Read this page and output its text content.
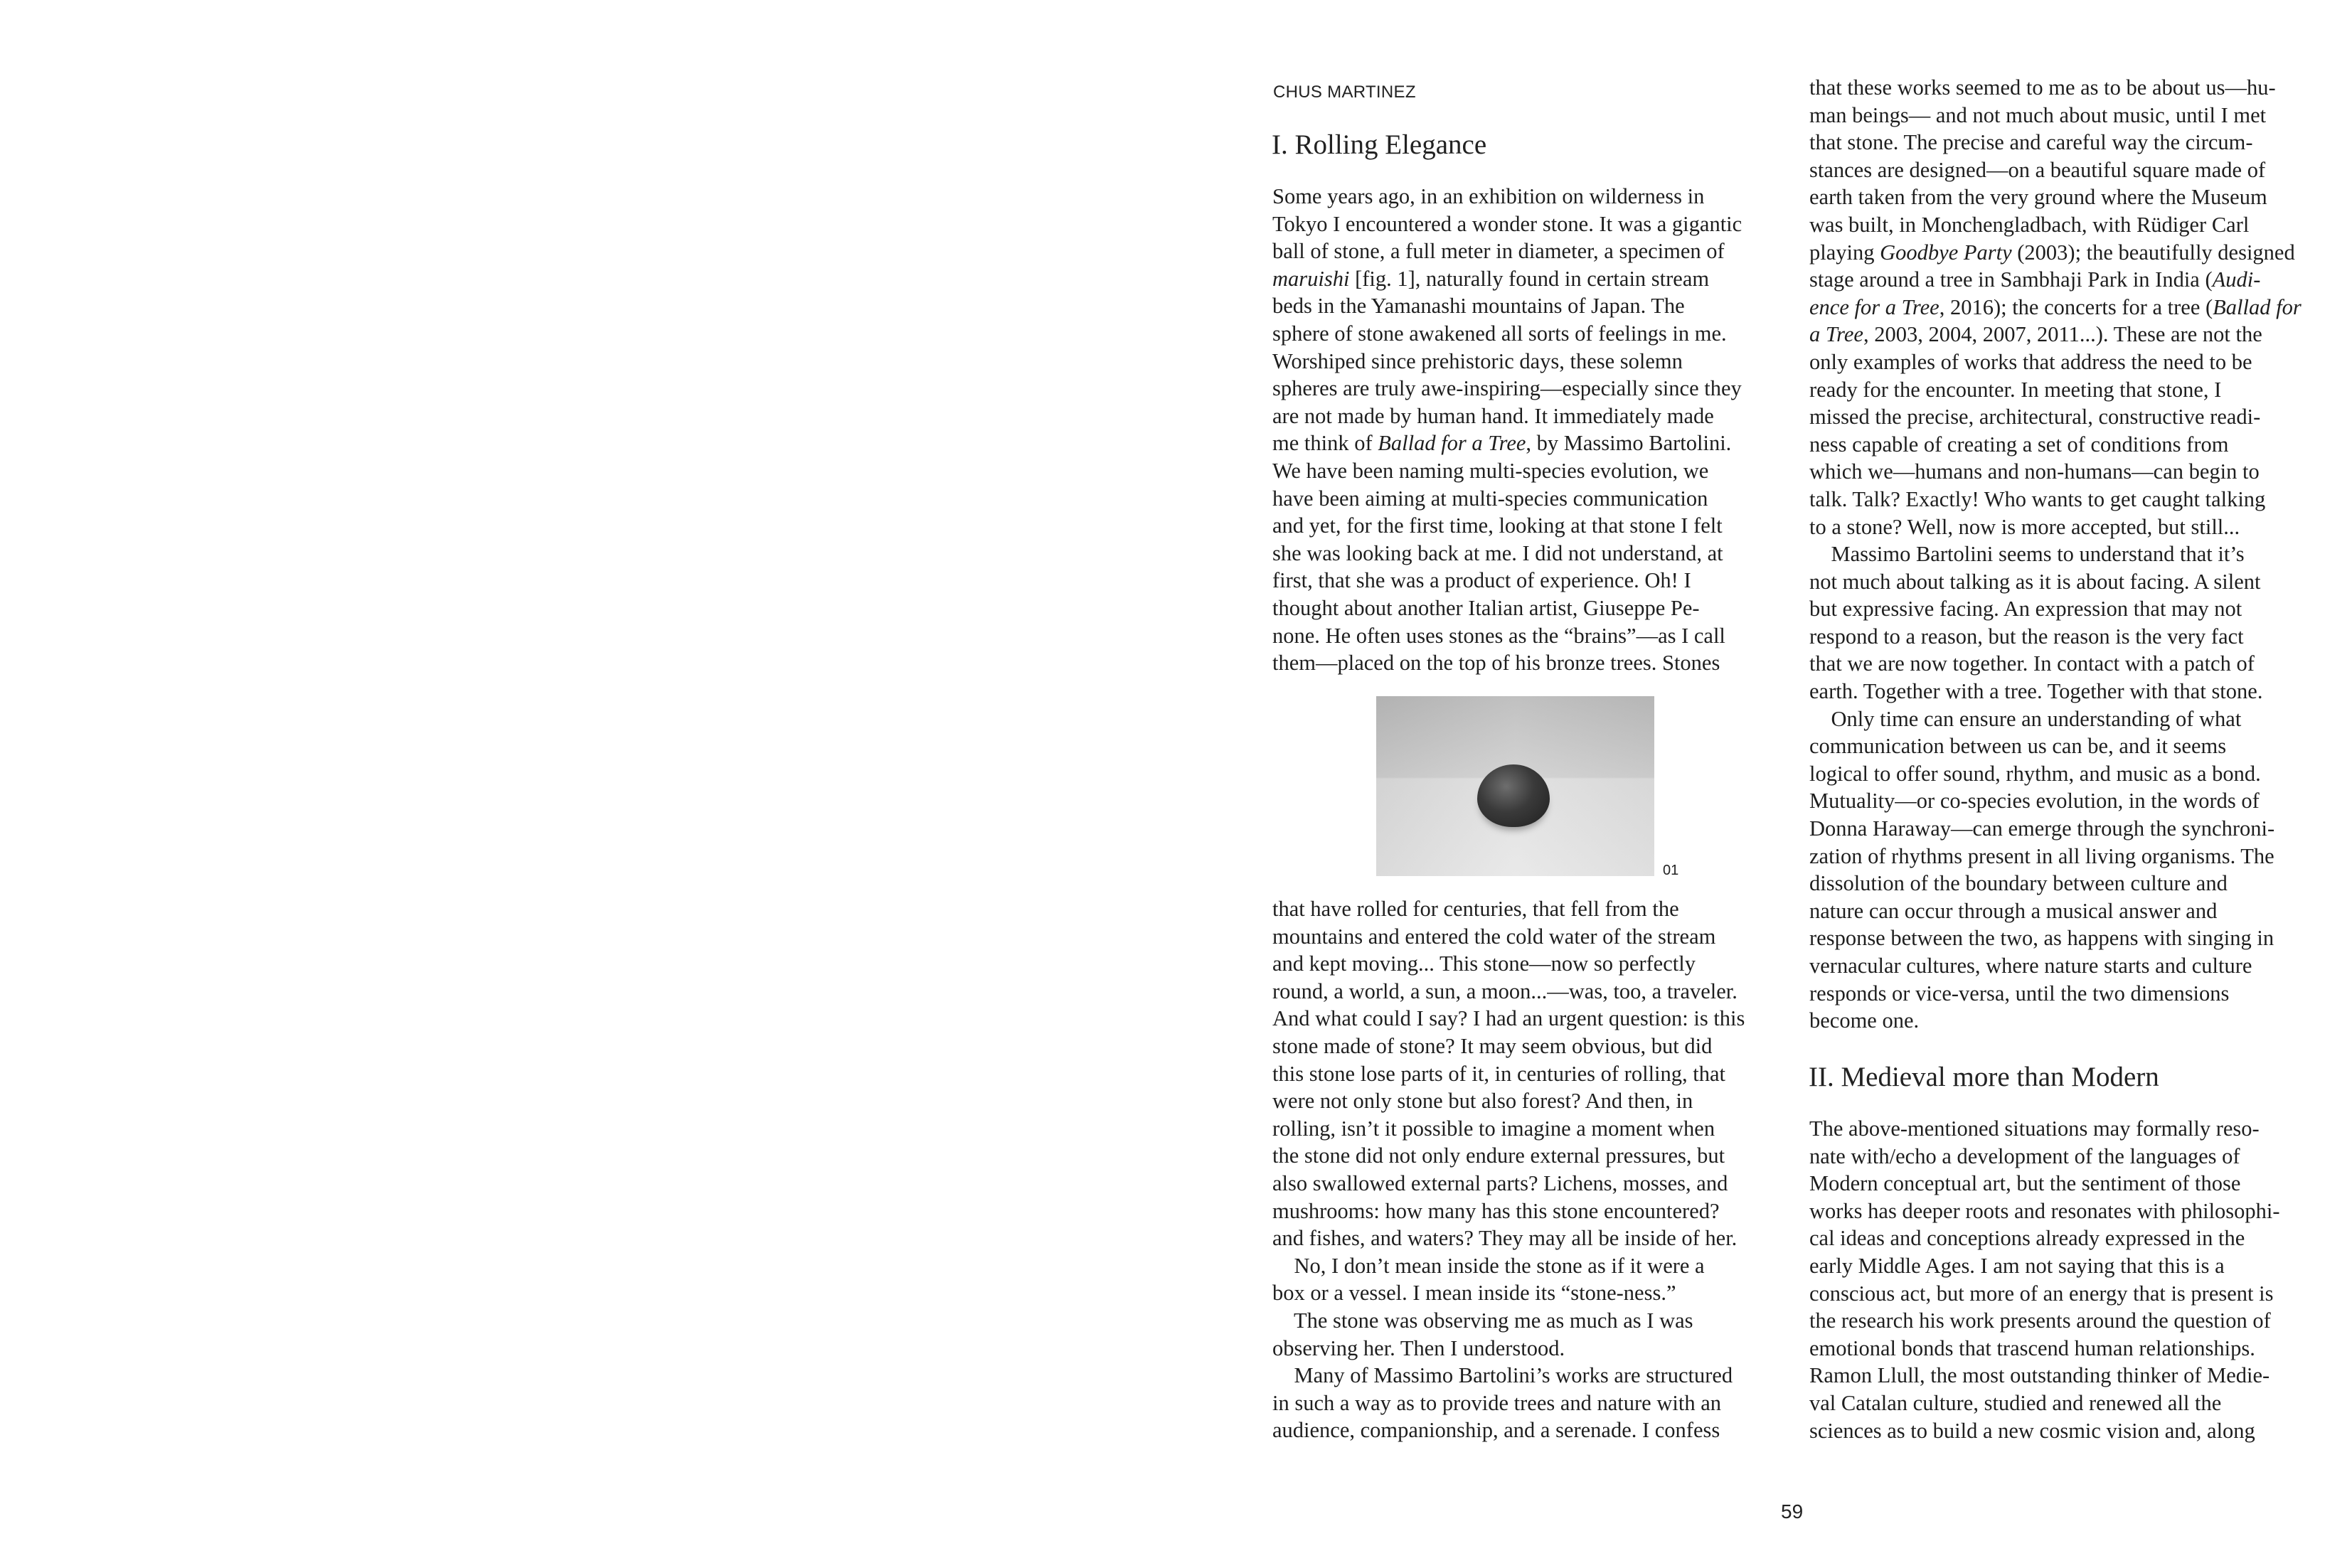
CHUS MARTINEZ
I. Rolling Elegance
Some years ago, in an exhibition on wilderness in
Tokyo I encountered a wonder stone. It was a gigantic
ball of stone, a full meter in diameter, a specimen of
maruishi [fig. 1], naturally found in certain stream
beds in the Yamanashi mountains of Japan. The
sphere of stone awakened all sorts of feelings in me.
Worshiped since prehistoric days, these solemn
spheres are truly awe-inspiring—especially since they
are not made by human hand. It immediately made
me think of Ballad for a Tree, by Massimo Bartolini.
We have been naming multi-species evolution, we
have been aiming at multi-species communication
and yet, for the first time, looking at that stone I felt
she was looking back at me. I did not understand, at
first, that she was a product of experience. Oh! I
thought about another Italian artist, Giuseppe Pe-
none. He often uses stones as the “brains”—as I call
them—placed on the top of his bronze trees. Stones
01
that have rolled for centuries, that fell from the
mountains and entered the cold water of the stream
and kept moving... This stone—now so perfectly
round, a world, a sun, a moon...—was, too, a traveler.
And what could I say? I had an urgent question: is this
stone made of stone? It may seem obvious, but did
this stone lose parts of it, in centuries of rolling, that
were not only stone but also forest? And then, in
rolling, isn’t it possible to imagine a moment when
the stone did not only endure external pressures, but
also swallowed external parts? Lichens, mosses, and
mushrooms: how many has this stone encountered?
and fishes, and waters? They may all be inside of her.
No, I don’t mean inside the stone as if it were a
box or a vessel. I mean inside its “stone-ness.”
The stone was observing me as much as I was
observing her. Then I understood.
Many of Massimo Bartolini’s works are structured
in such a way as to provide trees and nature with an
audience, companionship, and a serenade. I confess
that these works seemed to me as to be about us—hu-
man beings— and not much about music, until I met
that stone. The precise and careful way the circum-
stances are designed—on a beautiful square made of
earth taken from the very ground where the Museum
was built, in Monchengladbach, with Rüdiger Carl
playing Goodbye Party (2003); the beautifully designed
stage around a tree in Sambhaji Park in India (Audi-
ence for a Tree, 2016); the concerts for a tree (Ballad for
a Tree, 2003, 2004, 2007, 2011...). These are not the
only examples of works that address the need to be
ready for the encounter. In meeting that stone, I
missed the precise, architectural, constructive readi-
ness capable of creating a set of conditions from
which we—humans and non-humans—can begin to
talk. Talk? Exactly! Who wants to get caught talking
to a stone? Well, now is more accepted, but still...
Massimo Bartolini seems to understand that it’s
not much about talking as it is about facing. A silent
but expressive facing. An expression that may not
respond to a reason, but the reason is the very fact
that we are now together. In contact with a patch of
earth. Together with a tree. Together with that stone.
Only time can ensure an understanding of what
communication between us can be, and it seems
logical to offer sound, rhythm, and music as a bond.
Mutuality—or co-species evolution, in the words of
Donna Haraway—can emerge through the synchroni-
zation of rhythms present in all living organisms. The
dissolution of the boundary between culture and
nature can occur through a musical answer and
response between the two, as happens with singing in
vernacular cultures, where nature starts and culture
responds or vice-versa, until the two dimensions
become one.
II. Medieval more than Modern
The above-mentioned situations may formally reso-
nate with/echo a development of the languages of
Modern conceptual art, but the sentiment of those
works has deeper roots and resonates with philosophi-
cal ideas and conceptions already expressed in the
early Middle Ages. I am not saying that this is a
conscious act, but more of an energy that is present is
the research his work presents around the question of
emotional bonds that trascend human relationships.
Ramon Llull, the most outstanding thinker of Medie-
val Catalan culture, studied and renewed all the
sciences as to build a new cosmic vision and, along
59
